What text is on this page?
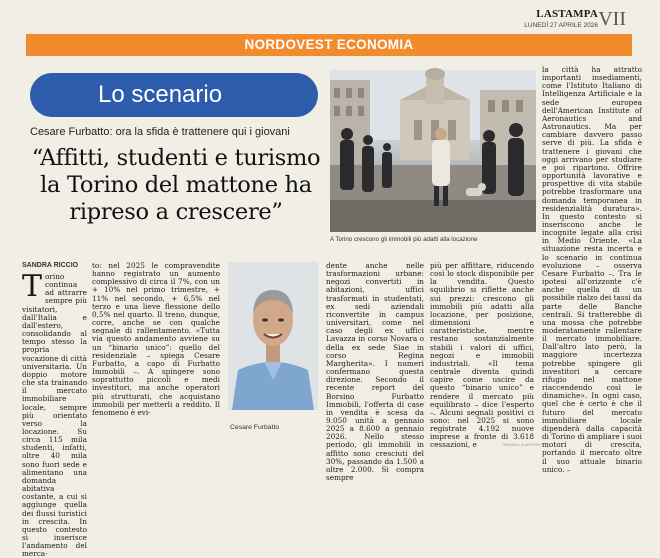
LASTAMPA
LUNEDÌ 27 APRILE 2026 VII
NORDOVEST ECONOMIA
Lo scenario
Cesare Furbatto: ora la sfida è trattenere qui i giovani
“Affitti, studenti e turismo la Torino del mattone ha ripreso a crescere”
A Torino crescono gli immobili più adatti alla locazione
SANDRA RICCIO
T orino continua ad attrarre sempre più visitatori, dall'Italia e dall'estero, consolidando al tempo stesso la propria vocazione di città universitaria. Un doppio motore che sta trainando il mercato immobiliare locale, sempre più orientato verso la locazione. Su circa 115 mila studenti, infatti, oltre 40 mila sono fuori sede e alimentano una domanda abitativa costante, a cui si aggiunge quella dei flussi turistici in crescita. In questo contesto si inserisce l'andamento del merca-
to: nel 2025 le compravendite hanno registrato un aumento complessivo di circa il 7%, con un + 10% nel primo trimestre, + 11% nel secondo, + 6,5% nel terzo e una lieve flessione dello 0,5% nel quarto. Il treno, dunque, corre, anche se con qualche segnale di rallentamento. «Tutta via questo andamento avviene su un “binario unico”: quello del residenziale – spiega Cesare Furbatto, a capo di Furbatto Immobili –. A spingere sono soprattutto piccoli e medi investitori, ma anche operatori più strutturati, che acquistano immobili per metterli a reddito. Il fenomeno è evi-
Cesare Furbatto
dente anche nelle trasformazioni urbane: negozi convertiti in abitazioni, uffici trasformati in studentati, ex sedi aziendali riconvertite in campus universitari, come nel caso degli ex uffici Lavazza in corso Novara o della ex sede Siae in corso Regina Margherita». I numeri confermano questa direzione. Secondo il recente report del Borsino Furbatto Immobili, l'offerta di case in vendita è scesa da 9.050 unità a gennaio 2025 a 8.600 a gennaio 2026. Nello stesso periodo, gli immobili in affitto sono cresciuti del 30%, passando da 1.500 a oltre 2.000. Si compra sempre
più per affittare, riducendo così lo stock disponibile per la vendita. Questo squilibrio si riflette anche sui prezzi: crescono gli immobili più adatti alla locazione, per posizione, dimensioni e caratteristiche, mentre restano sostanzialmente stabili i valori di uffici, negozi e immobili industriali. «Il tema centrale diventa quindi capire come uscire da questo “binario unico” e rendere il mercato più equilibrato – dice l'esperto –. Alcuni segnali positivi ci sono: nel 2025 si sono registrate 4.192 nuove imprese a fronte di 3.618 cessazioni, e
la città ha attratto importanti insediamenti, come l'Istituto Italiano di Intelligenza Artificiale e la sede europea dell'American Institute of Aeronautics and Astronautics. Ma per cambiare davvero passo serve di più. La sfida è trattenere i giovani che oggi arrivano per studiare e poi ripartono. Offrire opportunità lavorative e prospettive di vita stabile potrebbe trasformare una domanda temporanea in residenzialità duratura». In questo contesto si inseriscono anche le incognite legate alla crisi in Medio Oriente. «La situazione resta incerta e lo scenario in continua evoluzione – osserva Cesare Furbatto –. Tra le ipotesi all'orizzonte c'è anche quella di un possibile rialzo dei tassi da parte delle Banche centrali. Si tratterebbe di una mossa che potrebbe moderatamente rallentare il mercato immobiliare. Dall'altro lato però, la maggiore incertezza potrebbe spingere gli investitori a cercare rifugio nel mattone riaccendendo così le dinamiche». In ogni caso, quel che è certo è che il futuro del mercato immobiliare locale dipenderà dalla capacità di Torino di ampliare i suoi motori di crescita, portando il mercato oltre il suo attuale binario unico. –
ORIGINALI DI ARCHIVIO
